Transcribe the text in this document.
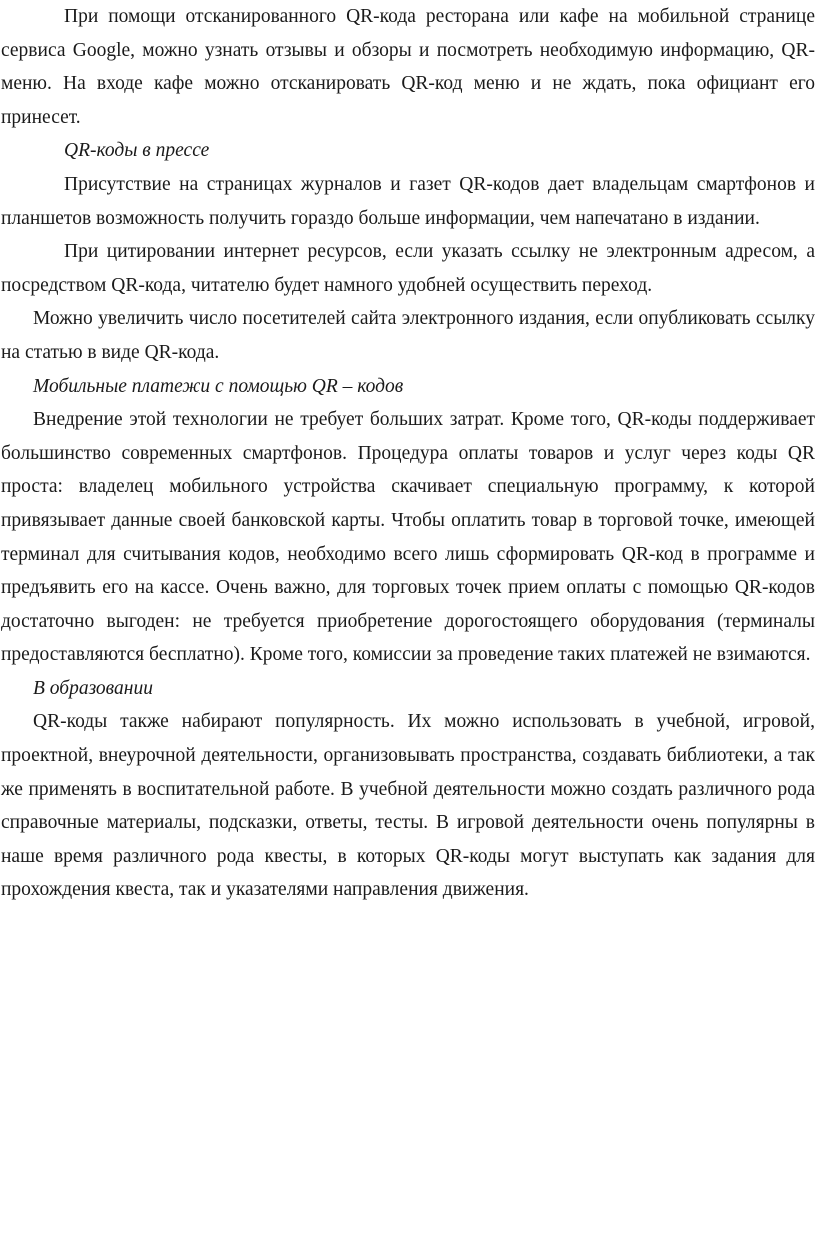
При помощи отсканированного QR-кода ресторана или кафе на мобильной странице сервиса Google, можно узнать отзывы и обзоры и посмотреть необходимую информацию, QR-меню. На входе кафе можно отсканировать QR-код меню и не ждать, пока официант его принесет.

QR-коды в прессе

Присутствие на страницах журналов и газет QR-кодов дает владельцам смартфонов и планшетов возможность получить гораздо больше информации, чем напечатано в издании.

При цитировании интернет ресурсов, если указать ссылку не электронным адресом, а посредством QR-кода, читателю будет намного удобней осуществить переход.

Можно увеличить число посетителей сайта электронного издания, если опубликовать ссылку на статью в виде QR-кода.

Мобильные платежи с помощью QR – кодов

Внедрение этой технологии не требует больших затрат. Кроме того, QR-коды поддерживает большинство современных смартфонов. Процедура оплаты товаров и услуг через коды QR проста: владелец мобильного устройства скачивает специальную программу, к которой привязывает данные своей банковской карты. Чтобы оплатить товар в торговой точке, имеющей терминал для считывания кодов, необходимо всего лишь сформировать QR-код в программе и предъявить его на кассе. Очень важно, для торговых точек прием оплаты с помощью QR-кодов достаточно выгоден: не требуется приобретение дорогостоящего оборудования (терминалы предоставляются бесплатно). Кроме того, комиссии за проведение таких платежей не взимаются.

В образовании

QR-коды также набирают популярность. Их можно использовать в учебной, игровой, проектной, внеурочной деятельности, организовывать пространства, создавать библиотеки, а так же применять в воспитательной работе. В учебной деятельности можно создать различного рода справочные материалы, подсказки, ответы, тесты. В игровой деятельности очень популярны в наше время различного рода квесты, в которых QR-коды могут выступать как задания для прохождения квеста, так и указателями направления движения.
